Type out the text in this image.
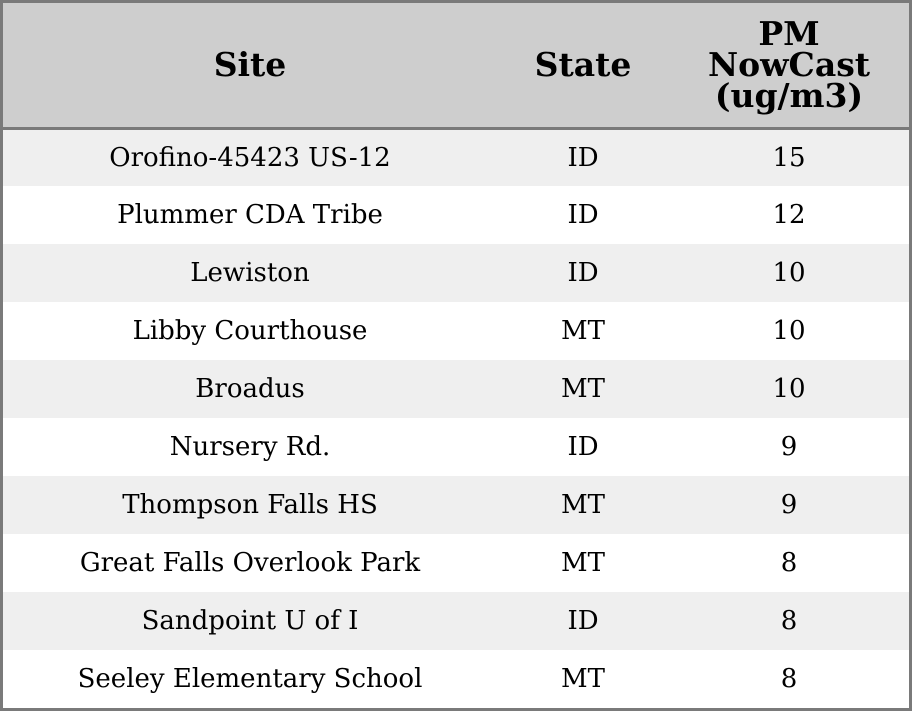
Site	State	PM
NowCast
(ug/m3)

Orofino-45423 US-12	ID	15
Plummer CDA Tribe	ID	12
Lewiston	ID	10
Libby Courthouse	MT	10
Broadus	MT	10
Nursery Rd.	ID	9
Thompson Falls HS	MT	9
Great Falls Overlook Park	MT	8
Sandpoint U of I	ID	8
Seeley Elementary School	MT	8
